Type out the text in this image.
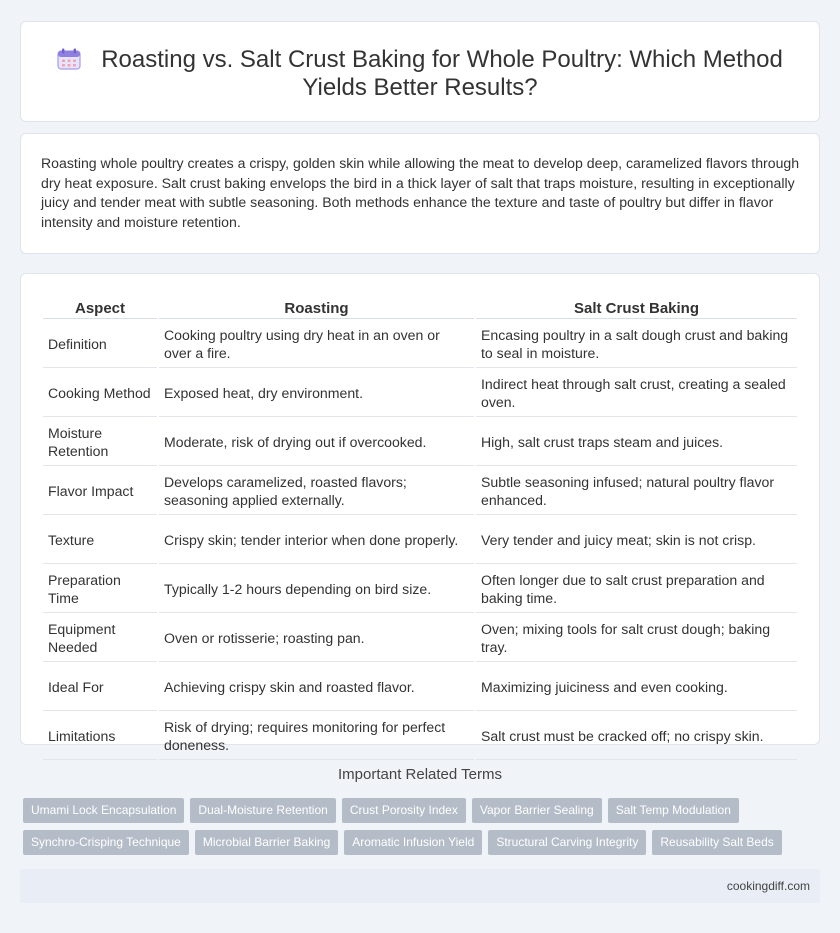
Roasting vs. Salt Crust Baking for Whole Poultry: Which Method Yields Better Results?

Roasting whole poultry creates a crispy, golden skin while allowing the meat to develop deep, caramelized flavors through dry heat exposure. Salt crust baking envelops the bird in a thick layer of salt that traps moisture, resulting in exceptionally juicy and tender meat with subtle seasoning. Both methods enhance the texture and taste of poultry but differ in flavor intensity and moisture retention.

Aspect	Roasting	Salt Crust Baking
Definition	Cooking poultry using dry heat in an oven or over a fire.	Encasing poultry in a salt dough crust and baking to seal in moisture.
Cooking Method	Exposed heat, dry environment.	Indirect heat through salt crust, creating a sealed oven.
Moisture Retention	Moderate, risk of drying out if overcooked.	High, salt crust traps steam and juices.
Flavor Impact	Develops caramelized, roasted flavors; seasoning applied externally.	Subtle seasoning infused; natural poultry flavor enhanced.
Texture	Crispy skin; tender interior when done properly.	Very tender and juicy meat; skin is not crisp.
Preparation Time	Typically 1-2 hours depending on bird size.	Often longer due to salt crust preparation and baking time.
Equipment Needed	Oven or rotisserie; roasting pan.	Oven; mixing tools for salt crust dough; baking tray.
Ideal For	Achieving crispy skin and roasted flavor.	Maximizing juiciness and even cooking.
Limitations	Risk of drying; requires monitoring for perfect doneness.	Salt crust must be cracked off; no crispy skin.
Important Related Terms
Umami Lock Encapsulation	Dual-Moisture Retention	Crust Porosity Index	Vapor Barrier Sealing	Salt Temp Modulation
Synchro-Crisping Technique	Microbial Barrier Baking	Aromatic Infusion Yield	Structural Carving Integrity	Reusability Salt Beds
cookingdiff.com
